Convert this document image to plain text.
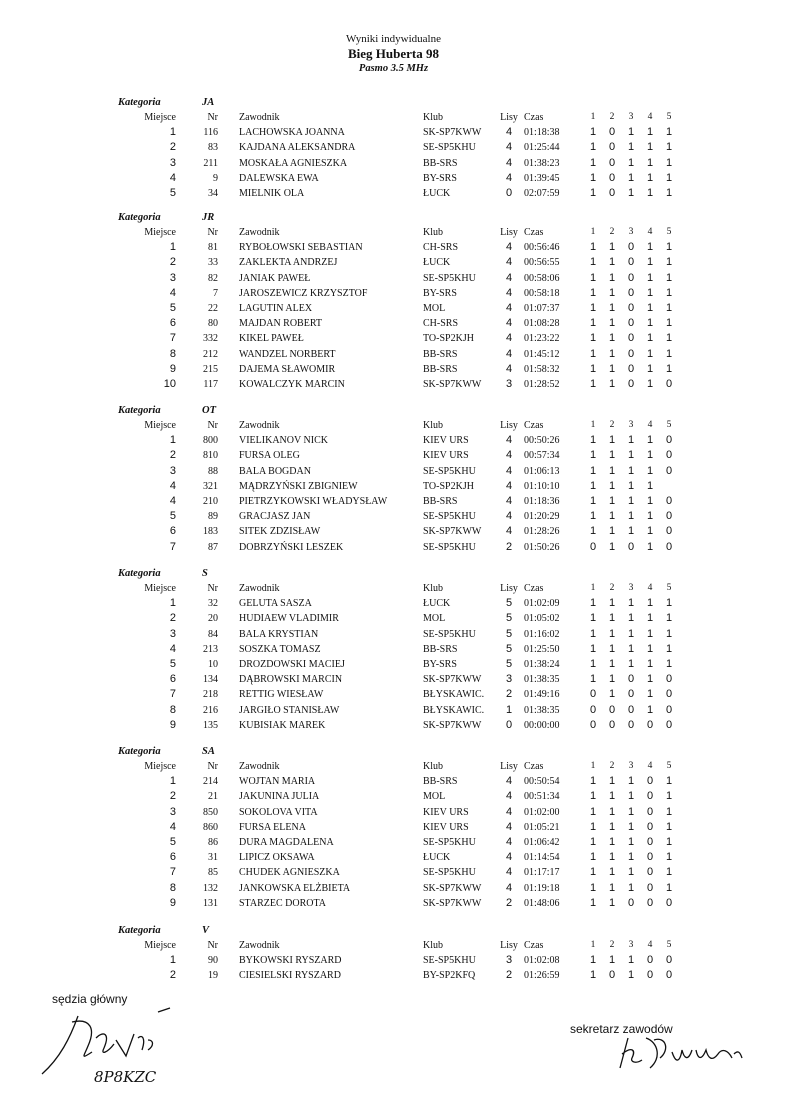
Wyniki indywidualne
Bieg Huberta 98
Pasmo 3.5 MHz
Kategoria	JA
Miejsce	Nr Zawodnik	Klub	Lisy Czas	1	2	3	4	5
1	116 LACHOWSKA JOANNA	SK-SP7KWW	4	01:18:38	1 0 1 1 1
2	83 KAJDANA ALEKSANDRA	SE-SP5KHU	4	01:25:44	1 0 1 1 1
3	211 MOSKAŁA AGNIESZKA	BB-SRS	4	01:38:23	1 0 1 1 1
4	9 DALEWSKA EWA	BY-SRS	4	01:39:45	1 0 1 1 1
5	34 MIELNIK OLA	ŁUCK	0	02:07:59	1 0 1 1 1
Kategoria	JR
Miejsce	Nr Zawodnik	Klub	Lisy Czas	1	2	3	4	5
1	81 RYBOŁOWSKI SEBASTIAN	CH-SRS	4	00:56:46	1 1 0 1 1
2	33 ZAKLEKTA ANDRZEJ	ŁUCK	4	00:56:55	1 1 0 1 1
3	82 JANIAK PAWEŁ	SE-SP5KHU	4	00:58:06	1 1 0 1 1
4	7 JAROSZEWICZ KRZYSZTOF	BY-SRS	4	00:58:18	1 1 0 1 1
5	22 LAGUTIN ALEX	MOL	4	01:07:37	1 1 0 1 1
6	80 MAJDAN ROBERT	CH-SRS	4	01:08:28	1 1 0 1 1
7	332 KIKEL PAWEŁ	TO-SP2KJH	4	01:23:22	1 1 0 1 1
8	212 WANDZEL NORBERT	BB-SRS	4	01:45:12	1 1 0 1 1
9	215 DAJEMA SŁAWOMIR	BB-SRS	4	01:58:32	1 1 0 1 1
10	117 KOWALCZYK MARCIN	SK-SP7KWW	3	01:28:52	1 1 0 1 0
Kategoria	OT
Miejsce	Nr Zawodnik	Klub	Lisy Czas	1	2	3	4	5
1	800 VIELIKANOV NICK	KIEV URS	4	00:50:26	1 1 1 1 0
2	810 FURSA OLEG	KIEV URS	4	00:57:34	1 1 1 1 0
3	88 BALA BOGDAN	SE-SP5KHU	4	01:06:13	1 1 1 1 0
4	321 MĄDRZYŃSKI ZBIGNIEW	TO-SP2KJH	4	01:10:10	1 1 1 1
4	210 PIETRZYKOWSKI WŁADYSŁAW	BB-SRS	4	01:18:36	1 1 1 1 0
5	89 GRACJASZ JAN	SE-SP5KHU	4	01:20:29	1 1 1 1 0
6	183 SITEK ZDZISŁAW	SK-SP7KWW	4	01:28:26	1 1 1 1 0
7	87 DOBRZYŃSKI LESZEK	SE-SP5KHU	2	01:50:26	0 1 0 1 0
Kategoria	S
Miejsce	Nr Zawodnik	Klub	Lisy Czas	1	2	3	4	5
1	32 GELUTA SASZA	ŁUCK	5	01:02:09	1 1 1 1 1
2	20 HUDIAEW VLADIMIR	MOL	5	01:05:02	1 1 1 1 1
3	84 BALA KRYSTIAN	SE-SP5KHU	5	01:16:02	1 1 1 1 1
4	213 SOSZKA TOMASZ	BB-SRS	5	01:25:50	1 1 1 1 1
5	10 DROZDOWSKI MACIEJ	BY-SRS	5	01:38:24	1 1 1 1 1
6	134 DĄBROWSKI MARCIN	SK-SP7KWW	3	01:38:35	1 1 0 1 0
7	218 RETTIG WIESŁAW	BŁYSKAWIC.	2	01:49:16	0 1 0 1 0
8	216 JARGIŁO STANISŁAW	BŁYSKAWIC.	1	01:38:35	0 0 0 1 0
9	135 KUBISIAK MAREK	SK-SP7KWW	0	00:00:00	0 0 0 0 0
Kategoria	SA
Miejsce	Nr Zawodnik	Klub	Lisy Czas	1	2	3	4	5
1	214 WOJTAN MARIA	BB-SRS	4	00:50:54	1 1 1 0 1
2	21 JAKUNINA JULIA	MOL	4	00:51:34	1 1 1 0 1
3	850 SOKOLOVA VITA	KIEV URS	4	01:02:00	1 1 1 0 1
4	860 FURSA ELENA	KIEV URS	4	01:05:21	1 1 1 0 1
5	86 DURA MAGDALENA	SE-SP5KHU	4	01:06:42	1 1 1 0 1
6	31 LIPICZ OKSAWA	ŁUCK	4	01:14:54	1 1 1 0 1
7	85 CHUDEK AGNIESZKA	SE-SP5KHU	4	01:17:17	1 1 1 0 1
8	132 JANKOWSKA ELŻBIETA	SK-SP7KWW	4	01:19:18	1 1 1 0 1
9	131 STARZEC DOROTA	SK-SP7KWW	2	01:48:06	1 1 0 0 0
Kategoria	V
Miejsce	Nr Zawodnik	Klub	Lisy Czas	1	2	3	4	5
1	90 BYKOWSKI RYSZARD	SE-SP5KHU	3	01:02:08	1 1 1 0 0
2	19 CIESIELSKI RYSZARD	BY-SP2KFQ	2	01:26:59	1 0 1 0 0
sędzia główny
8P8KZC
sekretarz zawodów
